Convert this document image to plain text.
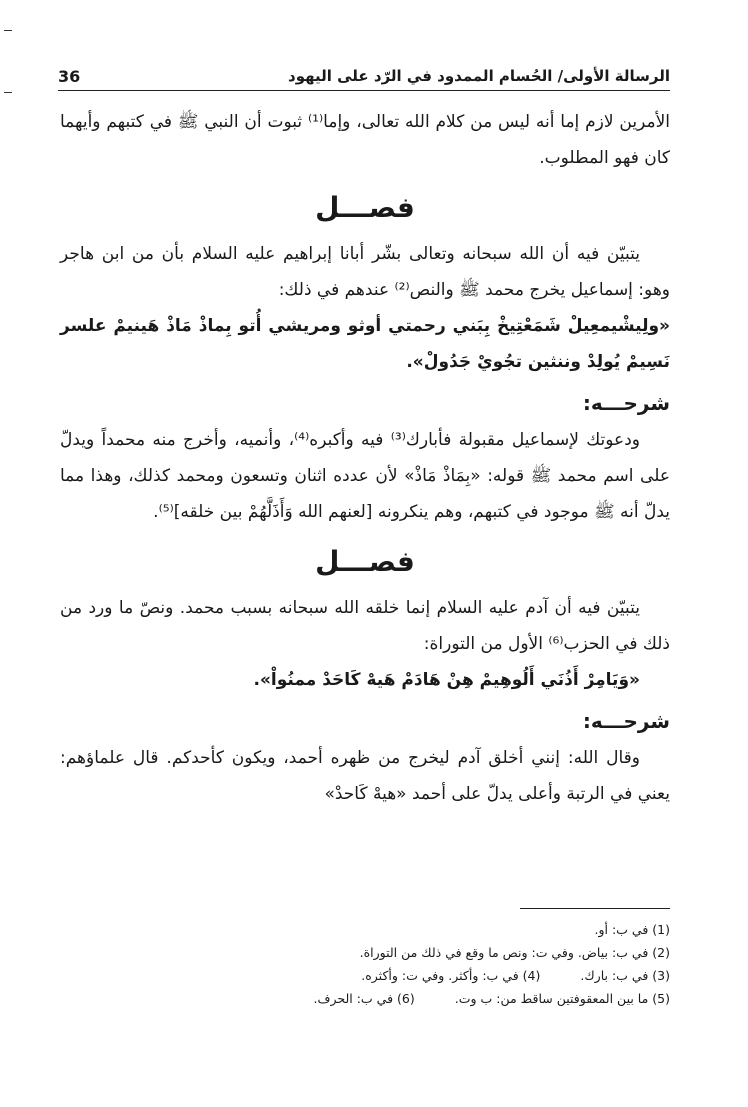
الرسالة الأولى/ الحُسام الممدود في الرّد على اليهود
36

الأمرين لازم إما أنه ليس من كلام الله تعالى، وإما⁽¹⁾ ثبوت أن النبي ﷺ في كتبهم وأيهما كان فهو المطلوب.

فصـــل

يتبيّن فيه أن الله سبحانه وتعالى بشّر أبانا إبراهيم عليه السلام بأن من ابن هاجر وهو: إسماعيل يخرج محمد ﷺ والنص⁽²⁾ عندهم في ذلك:

«ولِيشْيمعِيلْ شَمَعْتِيخْ بِبَني رحمتي أوثو ومريشي أُتو بِماذْ مَاذْ هَينيمْ علسر نَسِيمْ يُولِدْ وننثين تجُويْ جَدُولْ».

شرحـــه:

ودعوتك لإسماعيل مقبولة فأبارك⁽³⁾ فيه وأكبره⁽⁴⁾، وأنميه، وأخرج منه محمداً ويدلّ على اسم محمد ﷺ قوله: «بِمَاذْ مَاذْ» لأن عدده اثنان وتسعون ومحمد كذلك، وهذا مما يدلّ أنه ﷺ موجود في كتبهم، وهم ينكرونه [لعنهم الله وَأَذَلَّهُمْ بين خلقه]⁽⁵⁾.

فصـــل

يتبيّن فيه أن آدم عليه السلام إنما خلقه الله سبحانه بسبب محمد. ونصّ ما ورد من ذلك في الحزب⁽⁶⁾ الأول من التوراة:

«وَيَامِرْ أَذُنَي أَلُوهِيمْ هِنْ هَادَمْ هَيهْ كَاحَدْ ممنُواْ».

شرحـــه:

وقال الله: إنني أخلق آدم ليخرج من ظهره أحمد، ويكون كأحدكم. قال علماؤهم: يعني في الرتبة وأعلى يدلّ على أحمد «هيهْ كَاحدْ»

(1) في ب: أو.
(2) في ب: بياض. وفي ت: ونص ما وقع في ذلك من التوراة.
(3) في ب: بارك.
(4) في ب: وأكثر. وفي ت: وأكثره.
(5) ما بين المعقوفتين ساقط من: ب وت.
(6) في ب: الحرف.
